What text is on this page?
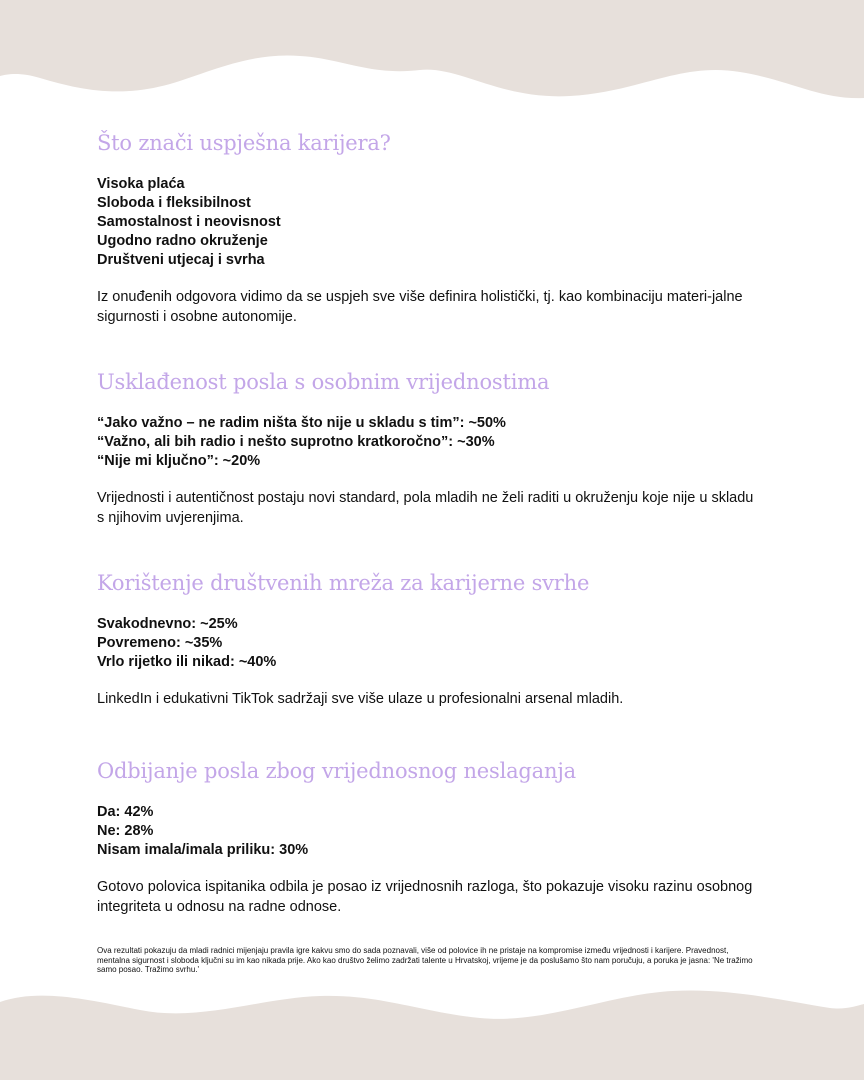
Što znači uspješna karijera?
Visoka plaća
Sloboda i fleksibilnost
Samostalnost i neovisnost
Ugodno radno okruženje
Društveni utjecaj i svrha

Iz onuđenih odgovora vidimo da se uspjeh sve više definira holistički, tj. kao kombinaciju materi-jalne sigurnosti i osobne autonomije.

Usklađenost posla s osobnim vrijednostima
“Jako važno – ne radim ništa što nije u skladu s tim”: ~50%
“Važno, ali bih radio i nešto suprotno kratkoročno”: ~30%
“Nije mi ključno”: ~20%

Vrijednosti i autentičnost postaju novi standard, pola mladih ne želi raditi u okruženju koje nije u skladu s njihovim uvjerenjima.

Korištenje društvenih mreža za karijerne svrhe
Svakodnevno: ~25%
Povremeno: ~35%
Vrlo rijetko ili nikad: ~40%

LinkedIn i edukativni TikTok sadržaji sve više ulaze u profesionalni arsenal mladih.

Odbijanje posla zbog vrijednosnog neslaganja
Da: 42%
Ne: 28%
Nisam imala/imala priliku: 30%

Gotovo polovica ispitanika odbila je posao iz vrijednosnih razloga, što pokazuje visoku razinu osobnog integriteta u odnosu na radne odnose.

Ova rezultati pokazuju da mladi radnici mijenjaju pravila igre kakvu smo do sada poznavali, više od polovice ih ne pristaje na kompromise između vrijednosti i karijere. Pravednost, mentalna sigurnost i sloboda ključni su im kao nikada prije. Ako kao društvo želimo zadržati talente u Hrvatskoj, vrijeme je da poslušamo što nam poručuju, a poruka je jasna: 'Ne tražimo samo posao. Tražimo svrhu.'
